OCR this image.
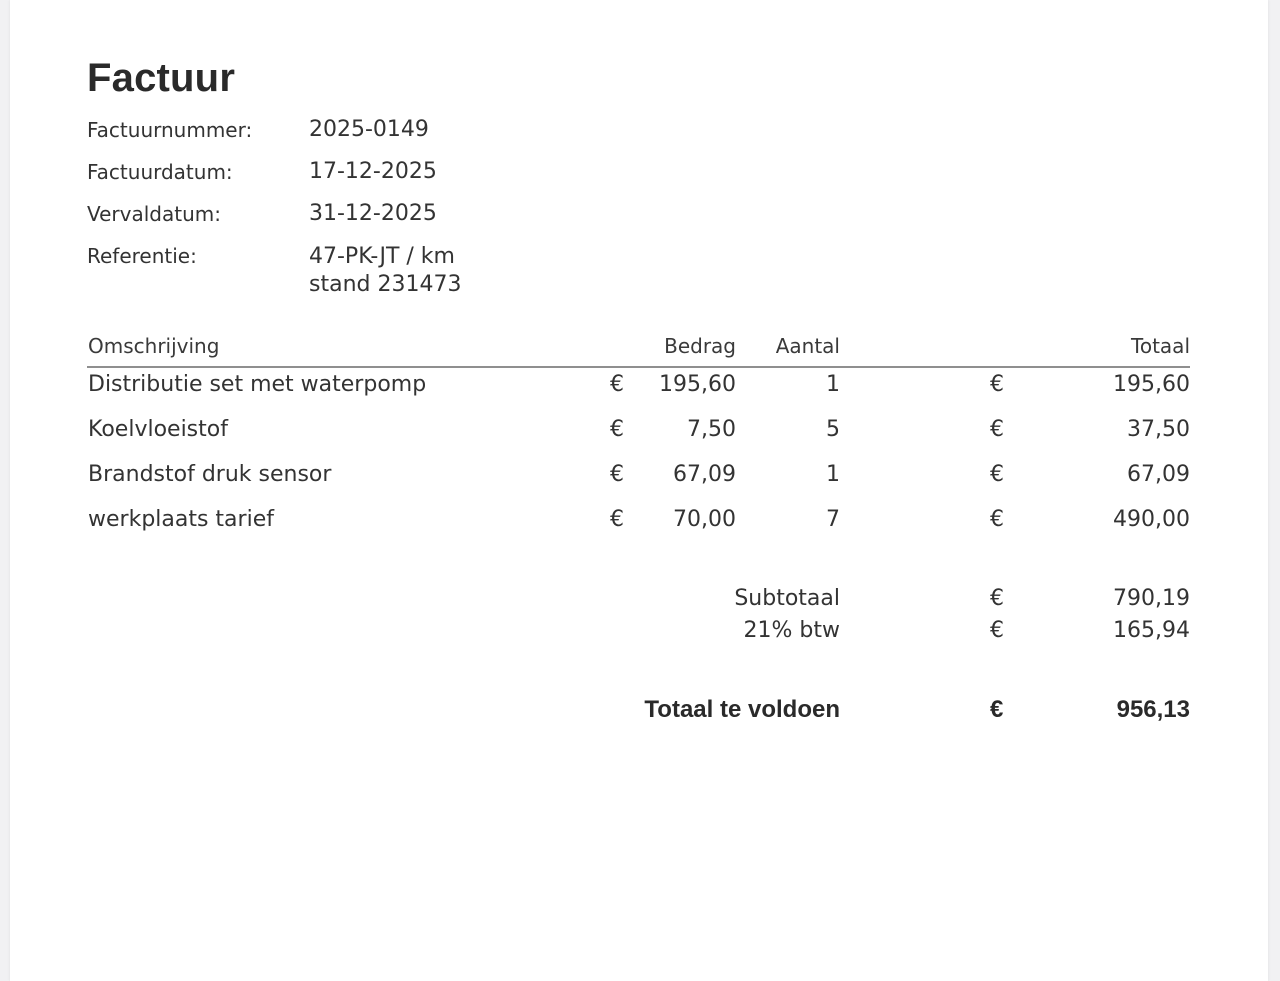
Factuur
Factuurnummer:	2025-0149
Factuurdatum:	17-12-2025
Vervaldatum:	31-12-2025
Referentie:	47-PK-JT / km
stand 231473
Omschrijving	Bedrag	Aantal	Totaal
Distributie set met waterpomp	€	195,60	1	€	195,60
Koelvloeistof	€	7,50	5	€	37,50
Brandstof druk sensor	€	67,09	1	€	67,09
werkplaats tarief	€	70,00	7	€	490,00
Subtotaal	€	790,19
21% btw	€	165,94
Totaal te voldoen	€	956,13
